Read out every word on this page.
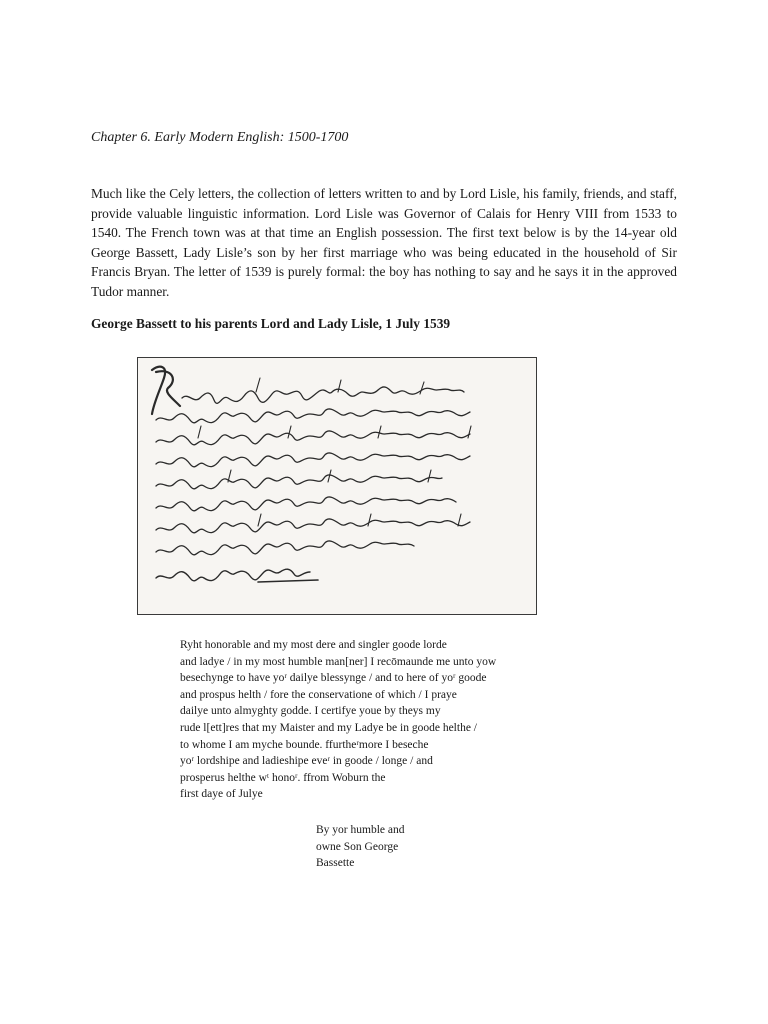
Chapter 6. Early Modern English: 1500-1700

Much like the Cely letters, the collection of letters written to and by Lord Lisle, his family, friends, and staff, provide valuable linguistic information. Lord Lisle was Governor of Calais for Henry VIII from 1533 to 1540. The French town was at that time an English possession. The first text below is by the 14-year old George Bassett, Lady Lisle’s son by her first marriage who was being educated in the household of Sir Francis Bryan. The letter of 1539 is purely formal: the boy has nothing to say and he says it in the approved Tudor manner.

George Bassett to his parents Lord and Lady Lisle, 1 July 1539
Ryht honorable and my most dere and singler goode lorde
and ladye / in my most humble man[ner] I recōmaunde me unto yow
besechynge to have yoʳ dailye blessynge / and to here of yoʳ goode
and prospus helth / fore the conservatione of which / I praye
dailye unto almyghty godde. I certifye youe by theys my
rude l[ett]res that my Maister and my Ladye be in goode helthe /
to whome I am myche bounde. ffurtheʳmore I beseche
yoʳ lordshipe and ladieshipe eveʳ in goode / longe / and
prosperus helthe wᵗ honoʳ. ffrom Woburn the
first daye of Julye
By yor humble and
owne Son George
Bassette
